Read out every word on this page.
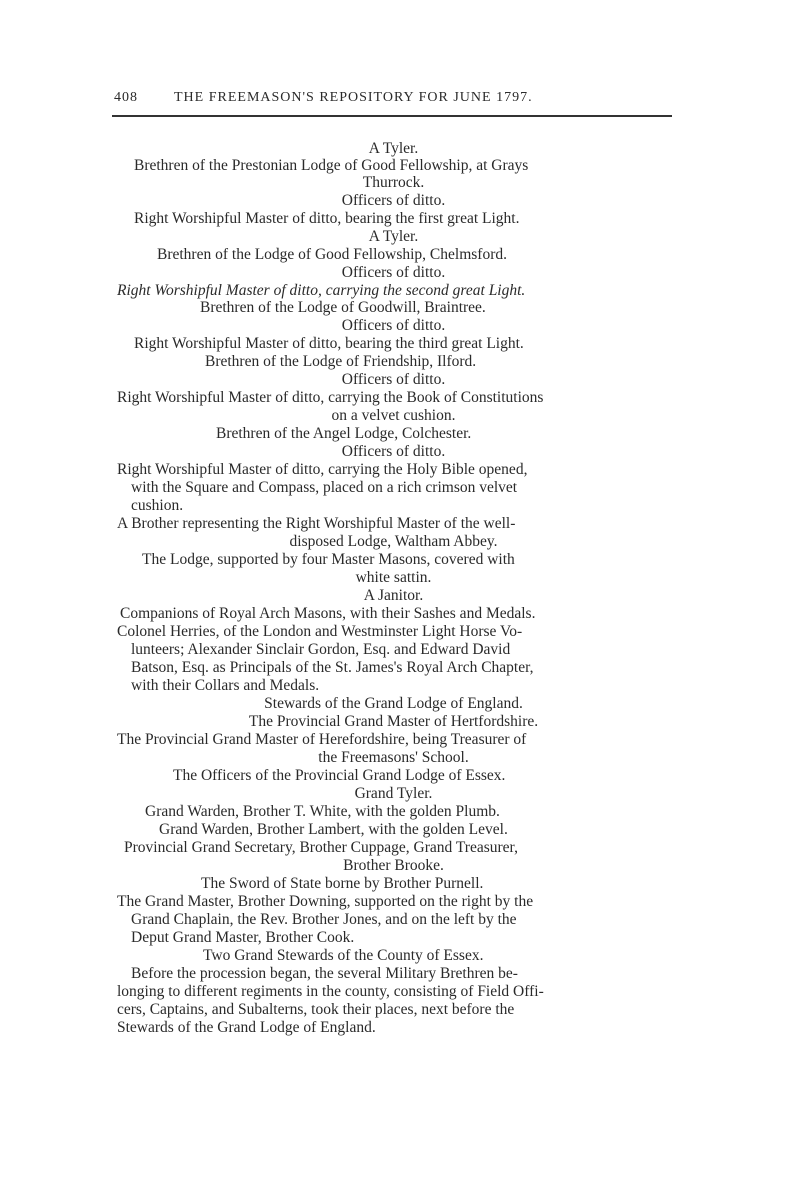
408	THE FREEMASON'S REPOSITORY FOR JUNE 1797.
A Tyler.
Brethren of the Prestonian Lodge of Good Fellowship, at Grays
Thurrock.
Officers of ditto.
Right Worshipful Master of ditto, bearing the first great Light.
A Tyler.
Brethren of the Lodge of Good Fellowship, Chelmsford.
Officers of ditto.
Right Worshipful Master of ditto, carrying the second great Light.
Brethren of the Lodge of Goodwill, Braintree.
Officers of ditto.
Right Worshipful Master of ditto, bearing the third great Light.
Brethren of the Lodge of Friendship, Ilford.
Officers of ditto.
Right Worshipful Master of ditto, carrying the Book of Constitutions
on a velvet cushion.
Brethren of the Angel Lodge, Colchester.
Officers of ditto.
Right Worshipful Master of ditto, carrying the Holy Bible opened,
with the Square and Compass, placed on a rich crimson velvet
cushion.
A Brother representing the Right Worshipful Master of the well-
disposed Lodge, Waltham Abbey.
The Lodge, supported by four Master Masons, covered with
white sattin.
A Janitor.
Companions of Royal Arch Masons, with their Sashes and Medals.
Colonel Herries, of the London and Westminster Light Horse Vo-
lunteers; Alexander Sinclair Gordon, Esq. and Edward David
Batson, Esq. as Principals of the St. James's Royal Arch Chapter,
with their Collars and Medals.
Stewards of the Grand Lodge of England.
The Provincial Grand Master of Hertfordshire.
The Provincial Grand Master of Herefordshire, being Treasurer of
the Freemasons' School.
The Officers of the Provincial Grand Lodge of Essex.
Grand Tyler.
Grand Warden, Brother T. White, with the golden Plumb.
Grand Warden, Brother Lambert, with the golden Level.
Provincial Grand Secretary, Brother Cuppage, Grand Treasurer,
Brother Brooke.
The Sword of State borne by Brother Purnell.
The Grand Master, Brother Downing, supported on the right by the
Grand Chaplain, the Rev. Brother Jones, and on the left by the
Deput Grand Master, Brother Cook.
Two Grand Stewards of the County of Essex.
Before the procession began, the several Military Brethren be-
longing to different regiments in the county, consisting of Field Offi-
cers, Captains, and Subalterns, took their places, next before the
Stewards of the Grand Lodge of England.
